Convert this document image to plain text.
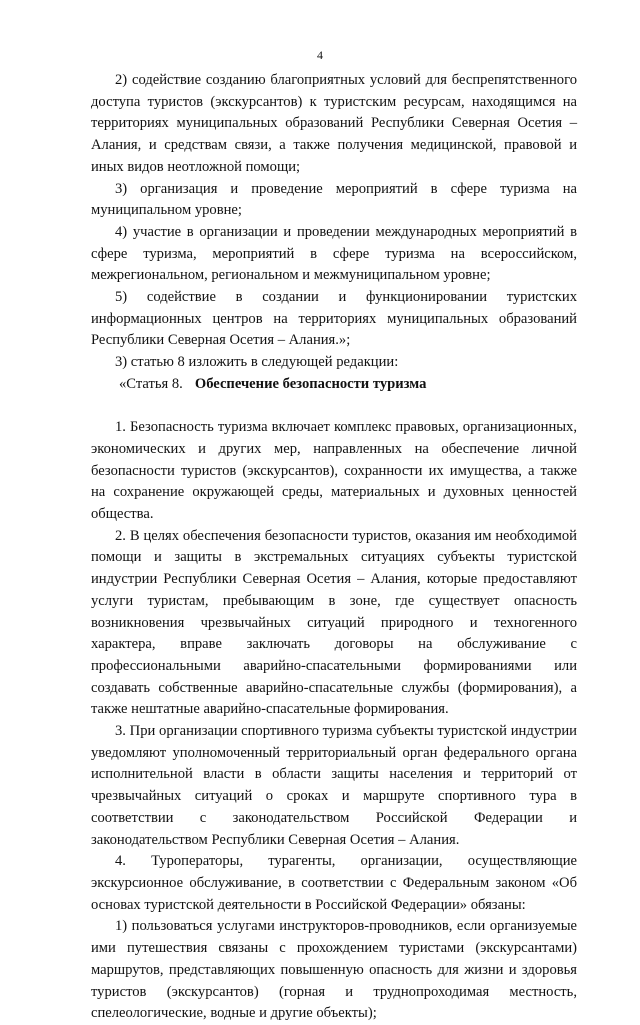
4

2) содействие созданию благоприятных условий для беспрепятственного доступа туристов (экскурсантов) к туристским ресурсам, находящимся на территориях муниципальных образований Республики Северная Осетия – Алания, и средствам связи, а также получения медицинской, правовой и иных видов неотложной помощи;

3) организация и проведение мероприятий в сфере туризма на муниципальном уровне;

4) участие в организации и проведении международных мероприятий в сфере туризма, мероприятий в сфере туризма на всероссийском, межрегиональном, региональном и межмуниципальном уровне;

5) содействие в создании и функционировании туристских информационных центров на территориях муниципальных образований Республики Северная Осетия – Алания.»;

3) статью 8 изложить в следующей редакции:

«Статья 8. Обеспечение безопасности туризма

1. Безопасность туризма включает комплекс правовых, организационных, экономических и других мер, направленных на обеспечение личной безопасности туристов (экскурсантов), сохранности их имущества, а также на сохранение окружающей среды, материальных и духовных ценностей общества.

2. В целях обеспечения безопасности туристов, оказания им необходимой помощи и защиты в экстремальных ситуациях субъекты туристской индустрии Республики Северная Осетия – Алания, которые предоставляют услуги туристам, пребывающим в зоне, где существует опасность возникновения чрезвычайных ситуаций природного и техногенного характера, вправе заключать договоры на обслуживание с профессиональными аварийно-спасательными формированиями или создавать собственные аварийно-спасательные службы (формирования), а также нештатные аварийно-спасательные формирования.

3. При организации спортивного туризма субъекты туристской индустрии уведомляют уполномоченный территориальный орган федерального органа исполнительной власти в области защиты населения и территорий от чрезвычайных ситуаций о сроках и маршруте спортивного тура в соответствии с законодательством Российской Федерации и законодательством Республики Северная Осетия – Алания.

4. Туроператоры, турагенты, организации, осуществляющие экскурсионное обслуживание, в соответствии с Федеральным законом «Об основах туристской деятельности в Российской Федерации» обязаны:

1) пользоваться услугами инструкторов-проводников, если организуемые ими путешествия связаны с прохождением туристами (экскурсантами) маршрутов, представляющих повышенную опасность для жизни и здоровья туристов (экскурсантов) (горная и труднопроходимая местность, спелеологические, водные и другие объекты);
